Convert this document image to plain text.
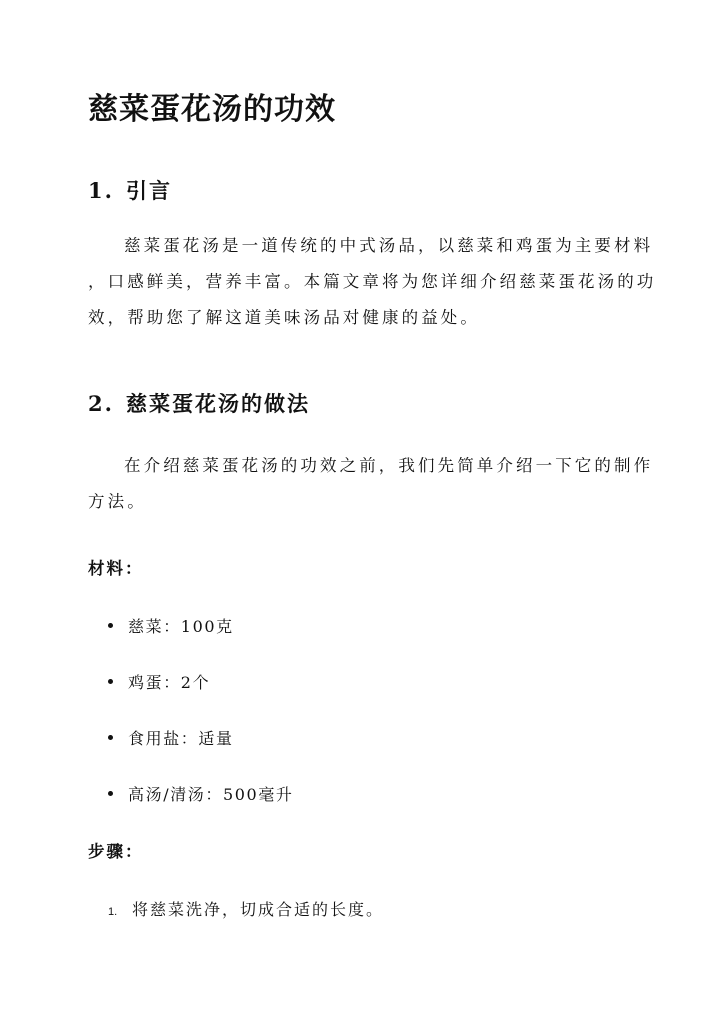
慈菜蛋花汤的功效
1. 引言
慈菜蛋花汤是一道传统的中式汤品，以慈菜和鸡蛋为主要材料
，口感鲜美，营养丰富。本篇文章将为您详细介绍慈菜蛋花汤的功
效，帮助您了解这道美味汤品对健康的益处。
2. 慈菜蛋花汤的做法
在介绍慈菜蛋花汤的功效之前，我们先简单介绍一下它的制作
方法。
材料：
慈菜：100克
鸡蛋：2个
食用盐：适量
高汤/清汤：500毫升
步骤：
1. 将慈菜洗净，切成合适的长度。
